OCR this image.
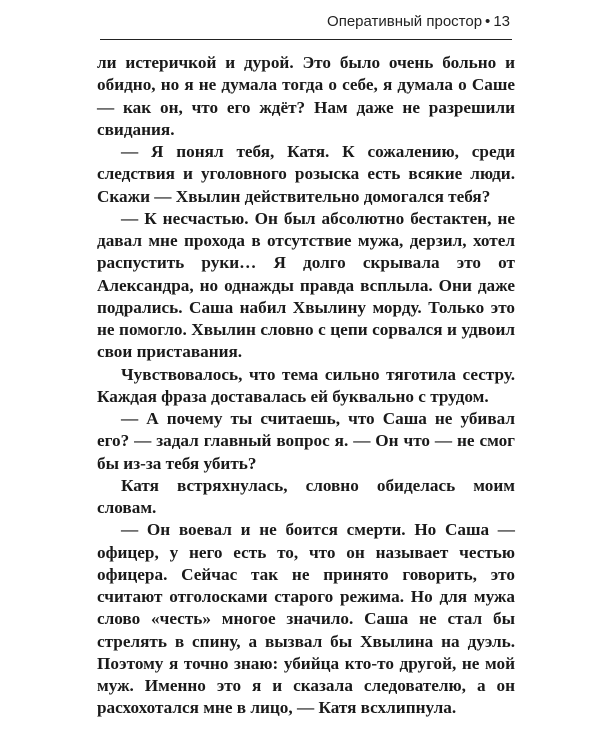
Оперативный простор • 13

ли истеричкой и дурой. Это было очень больно и обидно, но я не думала тогда о себе, я думала о Саше — как он, что его ждёт? Нам даже не разрешили свидания.

— Я понял тебя, Катя. К сожалению, среди следствия и уголовного розыска есть всякие люди. Скажи — Хвылин действительно домогался тебя?

— К несчастью. Он был абсолютно бестактен, не давал мне прохода в отсутствие мужа, дерзил, хотел распустить руки… Я долго скрывала это от Александра, но однажды правда всплыла. Они даже подрались. Саша набил Хвылину морду. Только это не помогло. Хвылин словно с цепи сорвался и удвоил свои приставания.

Чувствовалось, что тема сильно тяготила сестру. Каждая фраза доставалась ей буквально с трудом.

— А почему ты считаешь, что Саша не убивал его? — задал главный вопрос я. — Он что — не смог бы из-за тебя убить?

Катя встряхнулась, словно обиделась моим словам.

— Он воевал и не боится смерти. Но Саша — офицер, у него есть то, что он называет честью офицера. Сейчас так не принято говорить, это считают отголосками старого режима. Но для мужа слово «честь» многое значило. Саша не стал бы стрелять в спину, а вызвал бы Хвылина на дуэль. Поэтому я точно знаю: убийца кто-то другой, не мой муж. Именно это я и сказала следователю, а он расхохотался мне в лицо, — Катя всхлипнула.
